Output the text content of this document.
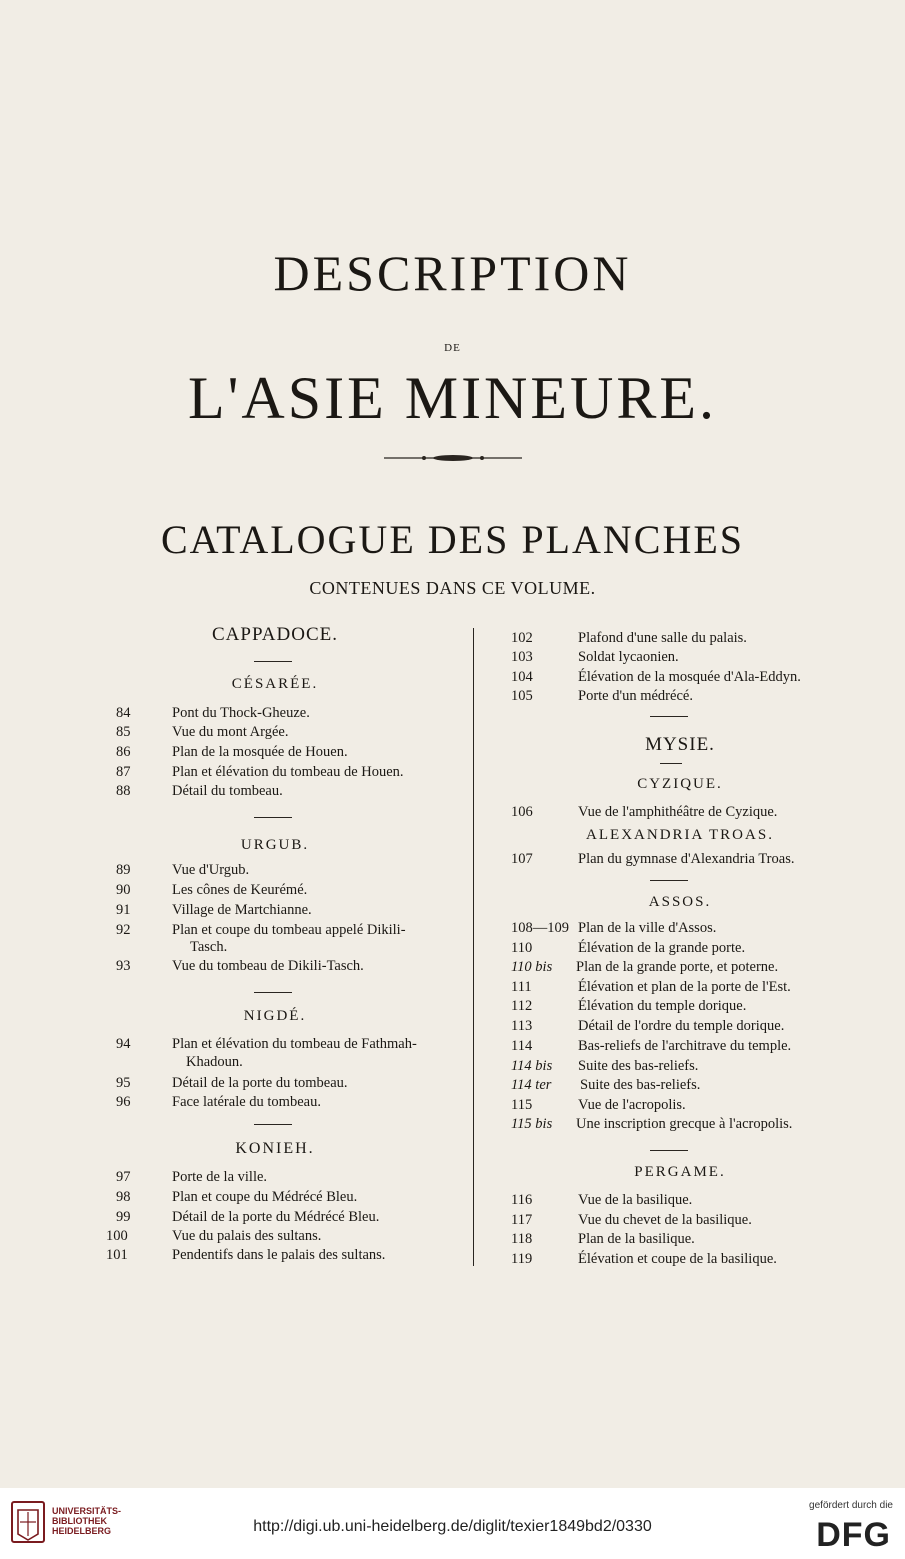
DESCRIPTION
DE
L'ASIE MINEURE.
CATALOGUE DES PLANCHES
CONTENUES DANS CE VOLUME.
CAPPADOCE.
CÉSARÉE.
URGUB.
NIGDÉ.
KONIEH.
84	Pont du Thock-Gheuze.
85	Vue du mont Argée.
86	Plan de la mosquée de Houen.
87	Plan et élévation du tombeau de Houen.
88	Détail du tombeau.
89	Vue d'Urgub.
90	Les cônes de Keurémé.
91	Village de Martchianne.
92	Plan et coupe du tombeau appelé Dikili-
Tasch.
93	Vue du tombeau de Dikili-Tasch.
94	Plan et élévation du tombeau de Fathmah-
Khadoun.
95	Détail de la porte du tombeau.
96	Face latérale du tombeau.
97	Porte de la ville.
98	Plan et coupe du Médrécé Bleu.
99	Détail de la porte du Médrécé Bleu.
100	Vue du palais des sultans.
101	Pendentifs dans le palais des sultans.
MYSIE.
CYZIQUE.
ALEXANDRIA TROAS.
ASSOS.
PERGAME.
102	Plafond d'une salle du palais.
103	Soldat lycaonien.
104	Élévation de la mosquée d'Ala-Eddyn.
105	Porte d'un médrécé.
106	Vue de l'amphithéâtre de Cyzique.
107	Plan du gymnase d'Alexandria Troas.
108—109 Plan de la ville d'Assos.
110	Élévation de la grande porte.
110 bis Plan de la grande porte, et poterne.
111	Élévation et plan de la porte de l'Est.
112	Élévation du temple dorique.
113	Détail de l'ordre du temple dorique.
114	Bas-reliefs de l'architrave du temple.
114 bis Suite des bas-reliefs.
114 ter Suite des bas-reliefs.
115	Vue de l'acropolis.
115 bis Une inscription grecque à l'acropolis.
116	Vue de la basilique.
117	Vue du chevet de la basilique.
118	Plan de la basilique.
119	Élévation et coupe de la basilique.
UNIVERSITÄTS-
BIBLIOTHEK
HEIDELBERG	http://digi.ub.uni-heidelberg.de/diglit/texier1849bd2/0330
gefördert durch die
DFG
